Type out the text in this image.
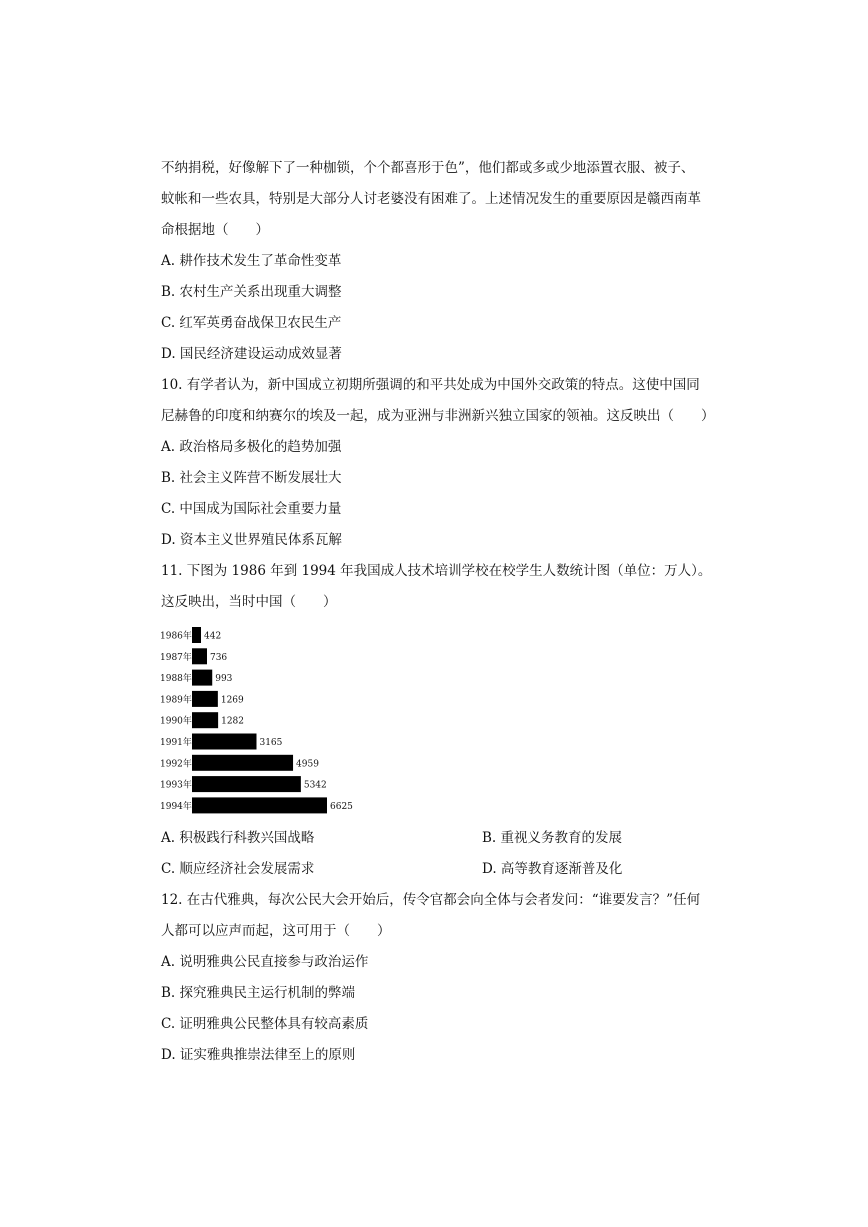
不纳捐税，好像解下了一种枷锁，个个都喜形于色”，他们都或多或少地添置衣服、被子、

蚊帐和一些农具，特别是大部分人讨老婆没有困难了。上述情况发生的重要原因是赣西南革

命根据地（　　）

A. 耕作技术发生了革命性变革

B. 农村生产关系出现重大调整

C. 红军英勇奋战保卫农民生产

D. 国民经济建设运动成效显著

10. 有学者认为，新中国成立初期所强调的和平共处成为中国外交政策的特点。这使中国同

尼赫鲁的印度和纳赛尔的埃及一起，成为亚洲与非洲新兴独立国家的领袖。这反映出（　　）

A. 政治格局多极化的趋势加强

B. 社会主义阵营不断发展壮大

C. 中国成为国际社会重要力量

D. 资本主义世界殖民体系瓦解

11. 下图为 1986 年到 1994 年我国成人技术培训学校在校学生人数统计图（单位：万人）。

这反映出，当时中国（　　）

1986年 442
1987年 736
1988年	993
1989年	1269
1990年	1282
1991年	3165
1992年	4959
1993年	5342
1994年	6625

A. 积极践行科教兴国战略	B. 重视义务教育的发展

C. 顺应经济社会发展需求	D. 高等教育逐渐普及化

12. 在古代雅典，每次公民大会开始后，传令官都会向全体与会者发问：“谁要发言？”任何

人都可以应声而起，这可用于（　　）

A. 说明雅典公民直接参与政治运作

B. 探究雅典民主运行机制的弊端

C. 证明雅典公民整体具有较高素质

D. 证实雅典推崇法律至上的原则
